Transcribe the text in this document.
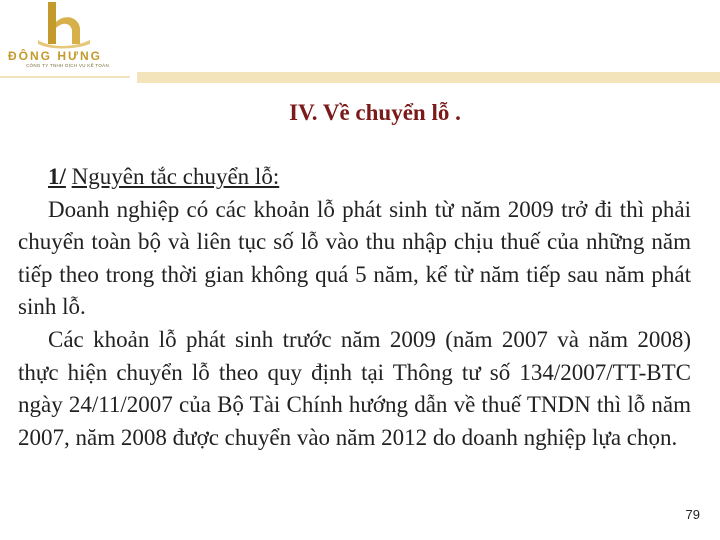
ĐÔNG HƯNG
CÔNG TY TNHH DỊCH VỤ KẾ TOÁN
IV. Về chuyển lỗ .

1/ Nguyên tắc chuyển lỗ:

Doanh nghiệp có các khoản lỗ phát sinh từ năm 2009 trở đi thì phải chuyển toàn bộ và liên tục số lỗ vào thu nhập chịu thuế của những năm tiếp theo trong thời gian không quá 5 năm, kể từ năm tiếp sau năm phát sinh lỗ.

Các khoản lỗ phát sinh trước năm 2009 (năm 2007 và năm 2008) thực hiện chuyển lỗ theo quy định tại Thông tư số 134/2007/TT-BTC ngày 24/11/2007 của Bộ Tài Chính hướng dẫn về thuế TNDN thì lỗ năm 2007, năm 2008 được chuyển vào năm 2012 do doanh nghiệp lựa chọn.

79
